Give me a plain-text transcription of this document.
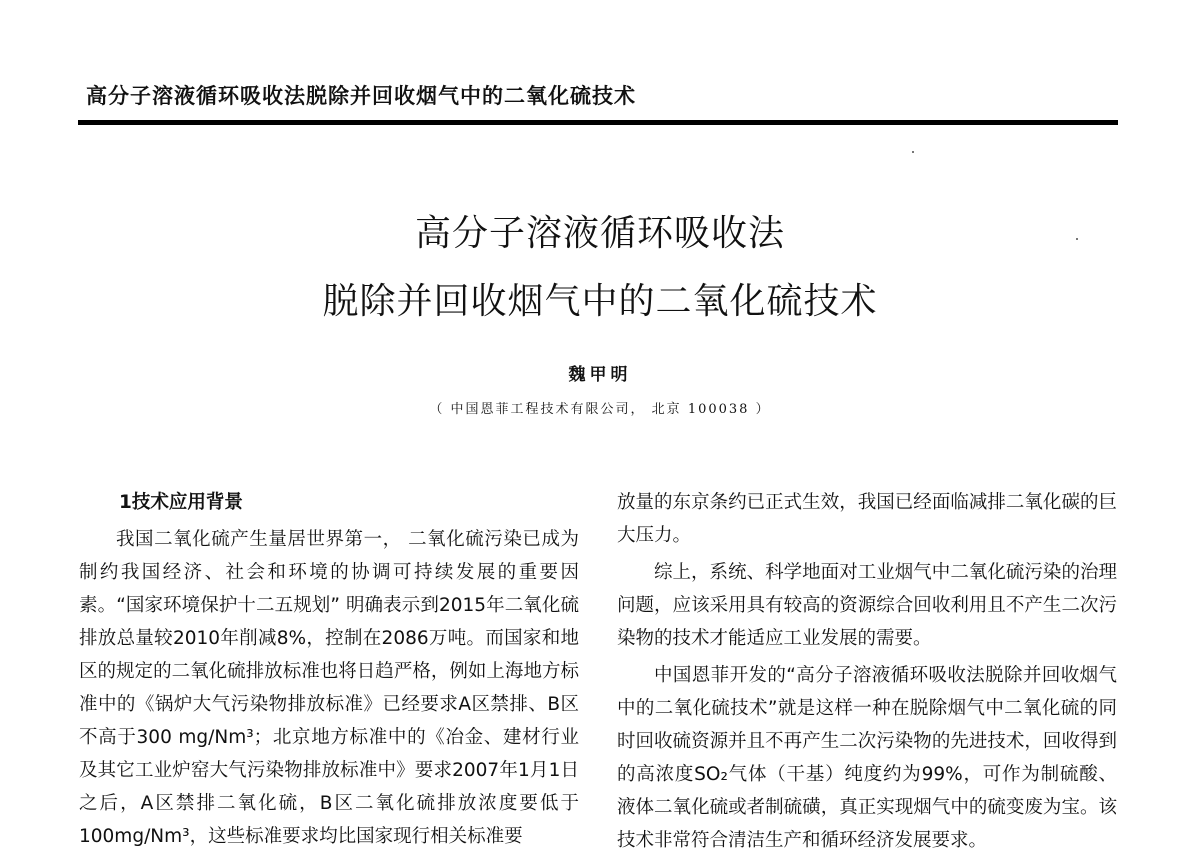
高分子溶液循环吸收法脱除并回收烟气中的二氧化硫技术
高分子溶液循环吸收法
脱除并回收烟气中的二氧化硫技术
魏甲明
（ 中国恩菲工程技术有限公司， 北京 100038 ）
1技术应用背景

我国二氧化硫产生量居世界第一， 二氧化硫污染已成为制约我国经济、社会和环境的协调可持续发展的重要因素。“国家环境保护十二五规划” 明确表示到2015年二氧化硫排放总量较2010年削减8%，控制在2086万吨。而国家和地区的规定的二氧化硫排放标准也将日趋严格，例如上海地方标准中的《锅炉大气污染物排放标准》已经要求A区禁排、B区不高于300 mg/Nm³；北京地方标准中的《冶金、建材行业及其它工业炉窑大气污染物排放标准中》要求2007年1月1日之后，A区禁排二氧化硫，B区二氧化硫排放浓度要低于100mg/Nm³，这些标准要求均比国家现行相关标准要

放量的东京条约已正式生效，我国已经面临减排二氧化碳的巨大压力。

综上，系统、科学地面对工业烟气中二氧化硫污染的治理问题，应该采用具有较高的资源综合回收利用且不产生二次污染物的技术才能适应工业发展的需要。

中国恩菲开发的“高分子溶液循环吸收法脱除并回收烟气中的二氧化硫技术”就是这样一种在脱除烟气中二氧化硫的同时回收硫资源并且不再产生二次污染物的先进技术，回收得到的高浓度SO₂气体（干基）纯度约为99%，可作为制硫酸、液体二氧化硫或者制硫磺，真正实现烟气中的硫变废为宝。该技术非常符合清洁生产和循环经济发展要求。
